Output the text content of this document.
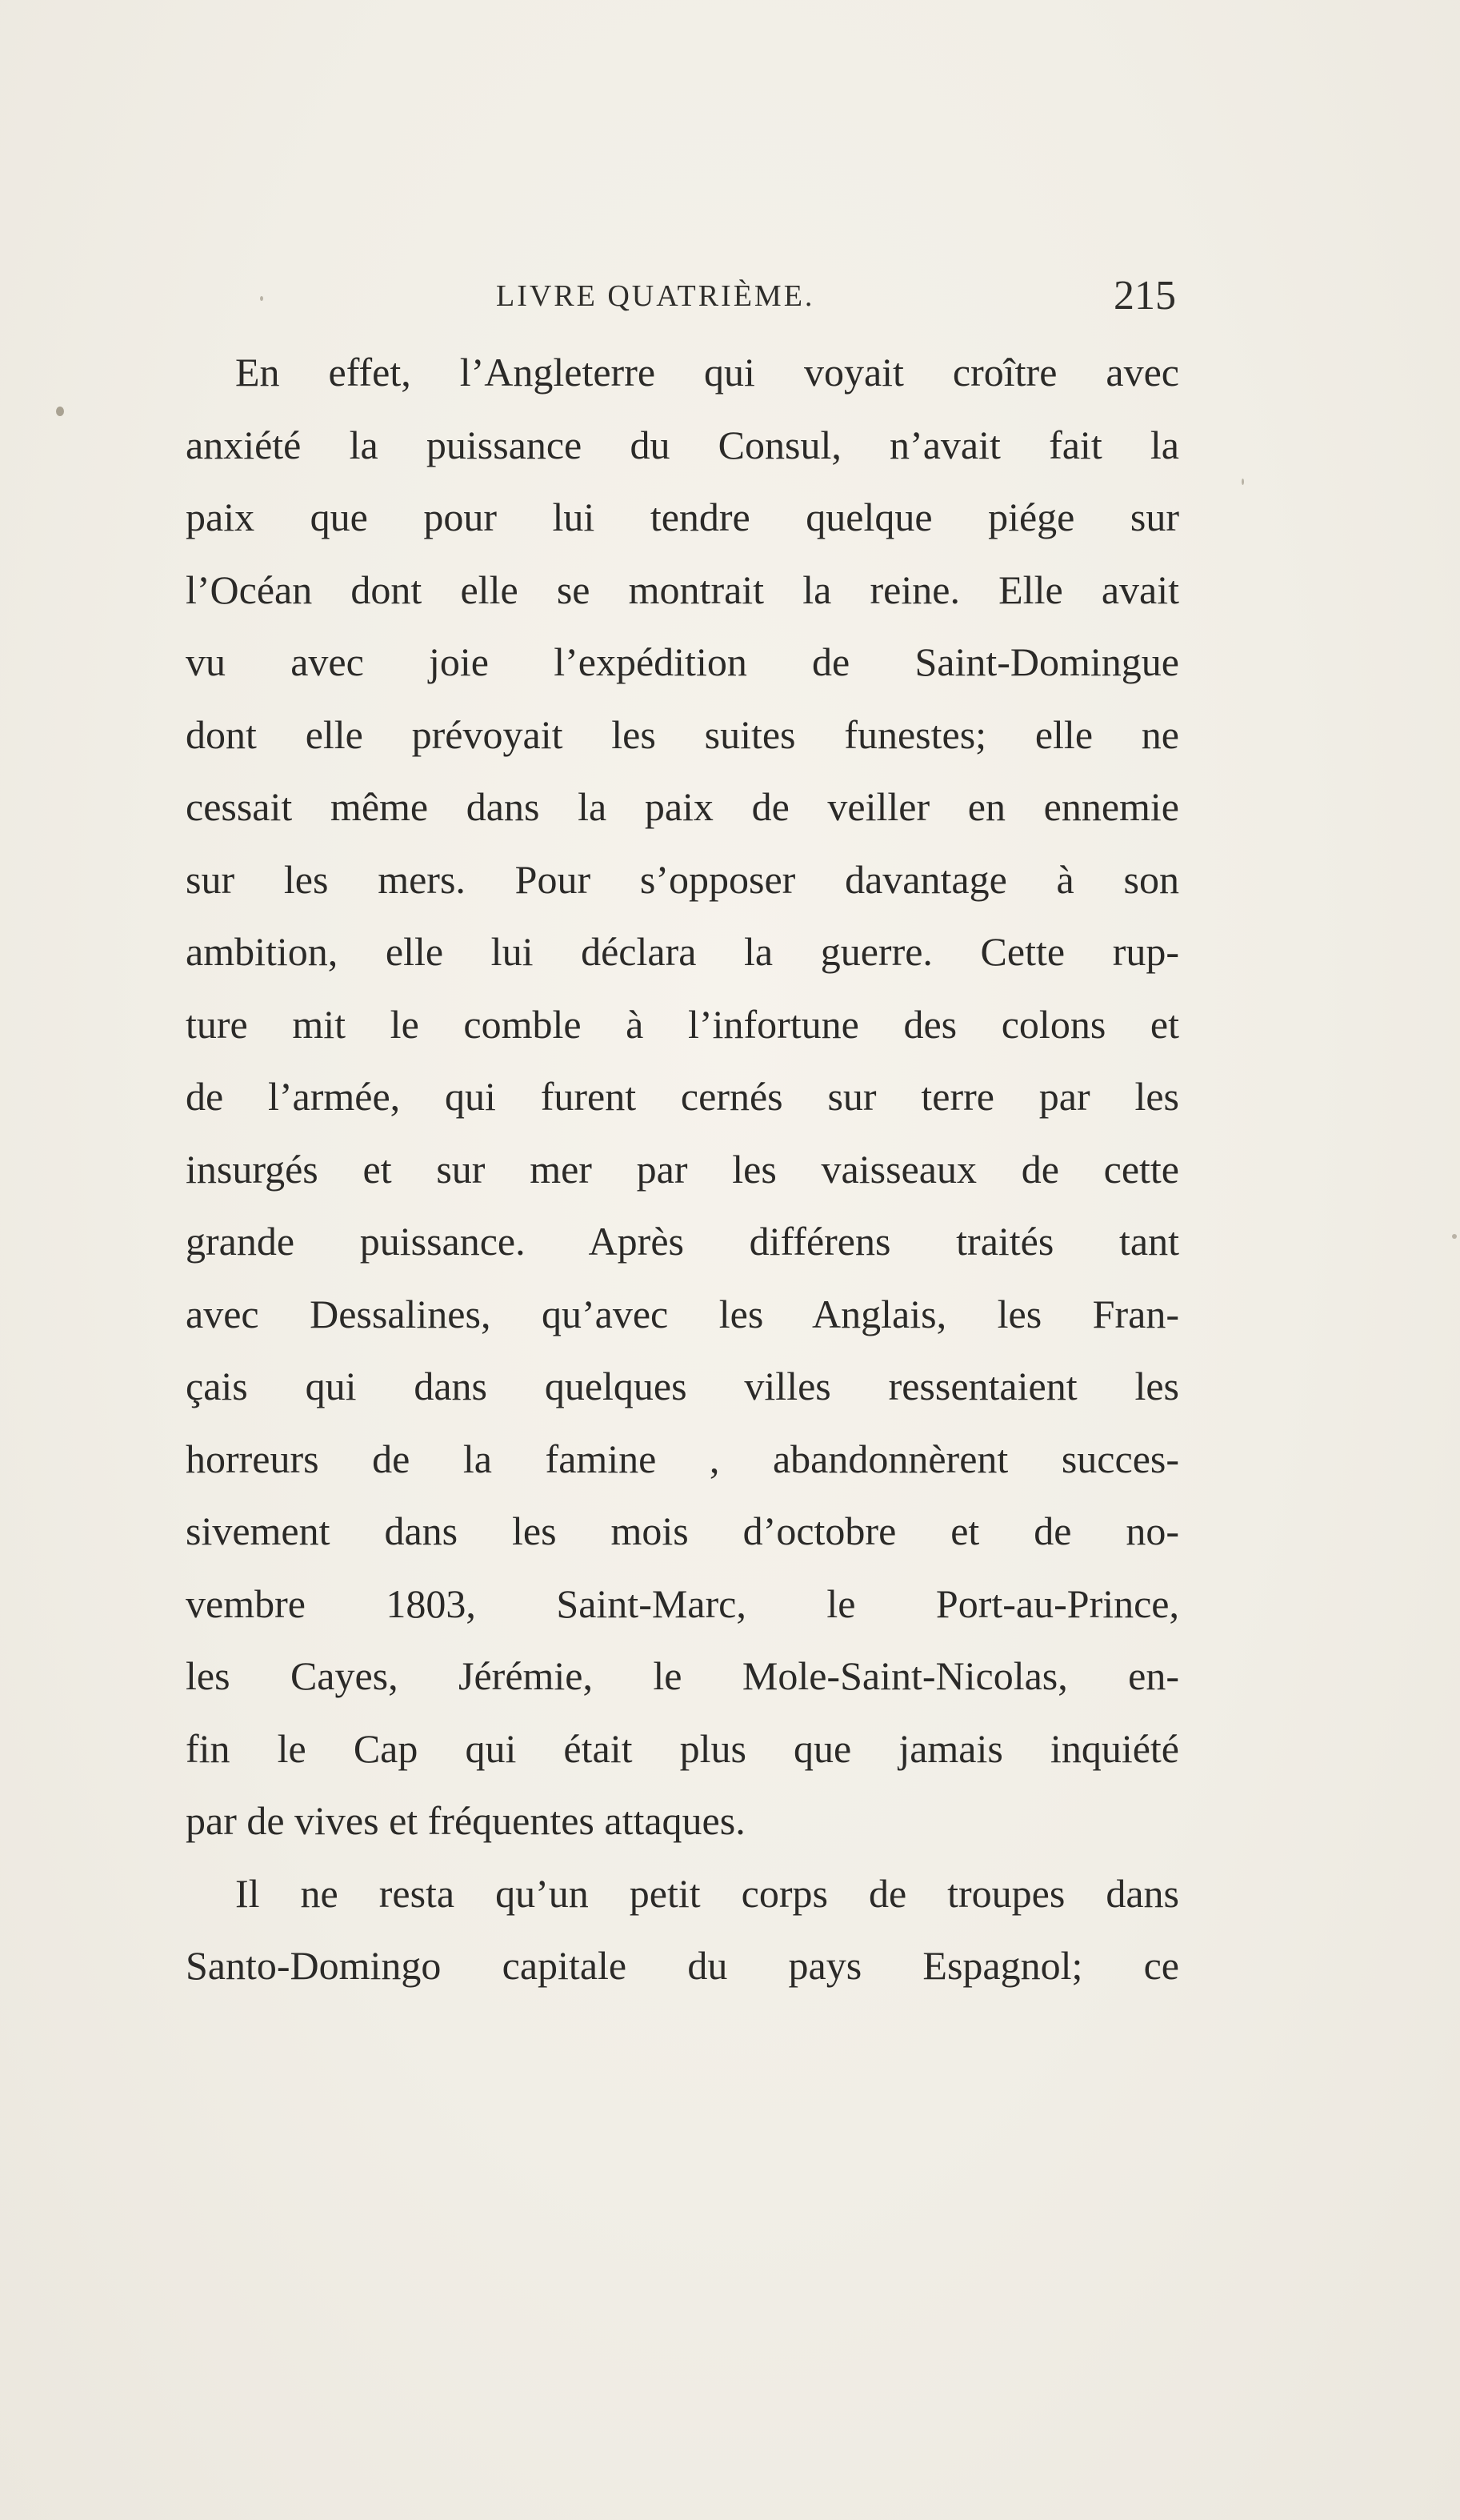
LIVRE QUATRIÈME.	215
En effet, l’Angleterre qui voyait croître avec
anxiété la puissance du Consul, n’avait fait la
paix que pour lui tendre quelque piége sur
l’Océan dont elle se montrait la reine. Elle avait
vu avec joie l’expédition de Saint-Domingue
dont elle prévoyait les suites funestes; elle ne
cessait même dans la paix de veiller en ennemie
sur les mers. Pour s’opposer davantage à son
ambition, elle lui déclara la guerre. Cette rup-
ture mit le comble à l’infortune des colons et
de l’armée, qui furent cernés sur terre par les
insurgés et sur mer par les vaisseaux de cette
grande puissance. Après différens traités tant
avec Dessalines, qu’avec les Anglais, les Fran-
çais qui dans quelques villes ressentaient les
horreurs de la famine , abandonnèrent succes-
sivement dans les mois d’octobre et de no-
vembre 1803, Saint-Marc, le Port-au-Prince,
les Cayes, Jérémie, le Mole-Saint-Nicolas, en-
fin le Cap qui était plus que jamais inquiété
par de vives et fréquentes attaques.
Il ne resta qu’un petit corps de troupes dans
Santo-Domingo capitale du pays Espagnol; ce
